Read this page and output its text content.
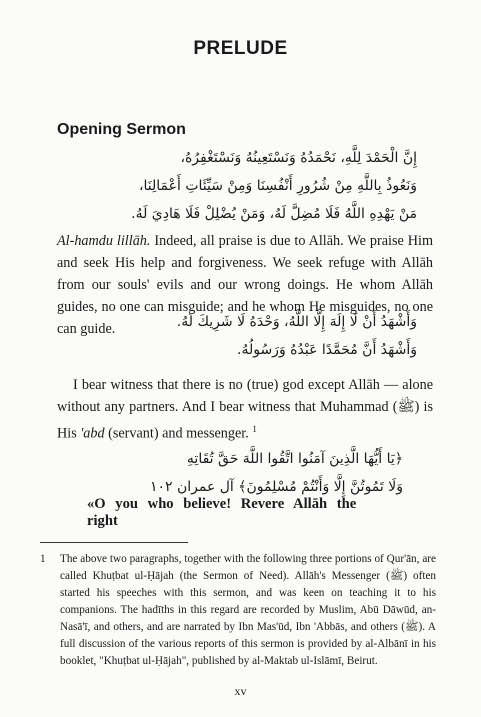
PRELUDE
Opening Sermon
إِنَّ الْحَمْدَ لِلَّهِ، نَحْمَدُهُ وَنَسْتَعِينُهُ وَنَسْتَغْفِرُهُ،
وَنَعُوذُ بِاللَّهِ مِنْ شُرُورِ أَنْفُسِنَا وَمِنْ سَيِّئَاتِ أَعْمَالِنَا،
مَنْ يَهْدِهِ اللَّهُ فَلَا مُضِلَّ لَهُ، وَمَنْ يُضْلِلْ فَلَا هَادِيَ لَهُ.
Al-hamdu lillāh. Indeed, all praise is due to Allāh. We praise Him and seek His help and forgiveness. We seek refuge with Allāh from our souls' evils and our wrong doings. He whom Allāh guides, no one can misguide; and he whom He misguides, no one can guide.	وَأَشْهَدُ أَنْ لَا إِلَهَ إِلَّا اللَّهُ، وَحْدَهُ لَا شَرِيكَ لَهُ.
وَأَشْهَدُ أَنَّ مُحَمَّدًا عَبْدُهُ وَرَسُولُهُ.
I bear witness that there is no (true) god except Allāh — alone without any partners. And I bear witness that Muhammad (ﷺ) is His 'abd (servant) and messenger. $^1$
﴿يَا أَيُّهَا الَّذِينَ آمَنُوا اتَّقُوا اللَّهَ حَقَّ تُقَاتِهِ
وَلَا تَمُوتُنَّ إِلَّا وَأَنْتُمْ مُسْلِمُونَ﴾ آل عمران ١٠٢
«O you who believe! Revere Allāh the right
1	The above two paragraphs, together with the following three portions of Qur'ān, are called Khuṭbat ul-Ḥājah (the Sermon of Need). Allāh's Messenger (ﷺ) often started his speeches with this sermon, and was keen on teaching it to his companions. The hadīths in this regard are recorded by Muslim, Abū Dāwūd, an-Nasā'ī, and others, and are narrated by Ibn Mas'ūd, Ibn 'Abbās, and others (ﷺ). A full discussion of the various reports of this sermon is provided by al-Albānī in his booklet, "Khuṭbat ul-Ḥājah", published by al-Maktab ul-Islāmī, Beirut.
xv
